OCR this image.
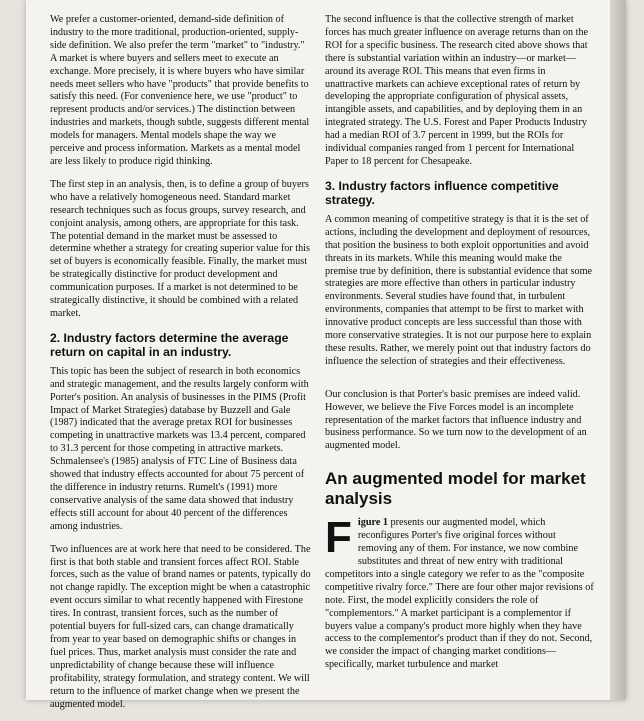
We prefer a customer-oriented, demand-side definition of industry to the more traditional, production-oriented, supply-side definition. We also prefer the term "market" to "industry." A market is where buyers and sellers meet to execute an exchange. More precisely, it is where buyers who have similar needs meet sellers who have "products" that provide benefits to satisfy this need. (For convenience here, we use "product" to represent products and/or services.) The distinction between industries and markets, though subtle, suggests different mental models for managers. Mental models shape the way we perceive and process information. Markets as a mental model are less likely to produce rigid thinking.

The first step in an analysis, then, is to define a group of buyers who have a relatively homogeneous need. Standard market research techniques such as focus groups, survey research, and conjoint analysis, among others, are appropriate for this task. The potential demand in the market must be assessed to determine whether a strategy for creating superior value for this set of buyers is economically feasible. Finally, the market must be strategically distinctive for product development and communication purposes. If a market is not determined to be strategically distinctive, it should be combined with a related market.

2. Industry factors determine the average return on capital in an industry.

This topic has been the subject of research in both economics and strategic management, and the results largely conform with Porter's position. An analysis of businesses in the PIMS (Profit Impact of Market Strategies) database by Buzzell and Gale (1987) indicated that the average pretax ROI for businesses competing in unattractive markets was 13.4 percent, compared to 31.3 percent for those competing in attractive markets. Schmalensee's (1985) analysis of FTC Line of Business data showed that industry effects accounted for about 75 percent of the difference in industry returns. Rumelt's (1991) more conservative analysis of the same data showed that industry effects still account for about 40 percent of the differences among industries.

Two influences are at work here that need to be considered. The first is that both stable and transient forces affect ROI. Stable forces, such as the value of brand names or patents, typically do not change rapidly. The exception might be when a catastrophic event occurs similar to what recently happened with Firestone tires. In contrast, transient forces, such as the number of potential buyers for full-sized cars, can change dramatically from year to year based on demographic shifts or changes in fuel prices. Thus, market analysis must consider the rate and unpredictability of change because these will influence profitability, strategy formulation, and strategy content. We will return to the influence of market change when we present the augmented model.

The second influence is that the collective strength of market forces has much greater influence on average returns than on the ROI for a specific business. The research cited above shows that there is substantial variation within an industry—or market—around its average ROI. This means that even firms in unattractive markets can achieve exceptional rates of return by developing the appropriate configuration of physical assets, intangible assets, and capabilities, and by deploying them in an integrated strategy. The U.S. Forest and Paper Products Industry had a median ROI of 3.7 percent in 1999, but the ROIs for individual companies ranged from 1 percent for International Paper to 18 percent for Chesapeake.

3. Industry factors influence competitive strategy.

A common meaning of competitive strategy is that it is the set of actions, including the development and deployment of resources, that position the business to both exploit opportunities and avoid threats in its markets. While this meaning would make the premise true by definition, there is substantial evidence that some strategies are more effective than others in particular industry environments. Several studies have found that, in turbulent environments, companies that attempt to be first to market with innovative product concepts are less successful than those with more conservative strategies. It is not our purpose here to explain these results. Rather, we merely point out that industry factors do influence the selection of strategies and their effectiveness.

Our conclusion is that Porter's basic premises are indeed valid. However, we believe the Five Forces model is an incomplete representation of the market factors that influence industry and business performance. So we turn now to the development of an augmented model.

An augmented model for market analysis
Figure 1 presents our augmented model, which reconfigures Porter's five original forces without removing any of them. For instance, we now combine substitutes and threat of new entry with traditional competitors into a single category we refer to as the "composite competitive rivalry force." There are four other major revisions of note. First, the model explicitly considers the role of "complementors." A market participant is a complementor if buyers value a company's product more highly when they have access to the complementor's product than if they do not. Second, we consider the impact of changing market conditions—specifically, market turbulence and market
